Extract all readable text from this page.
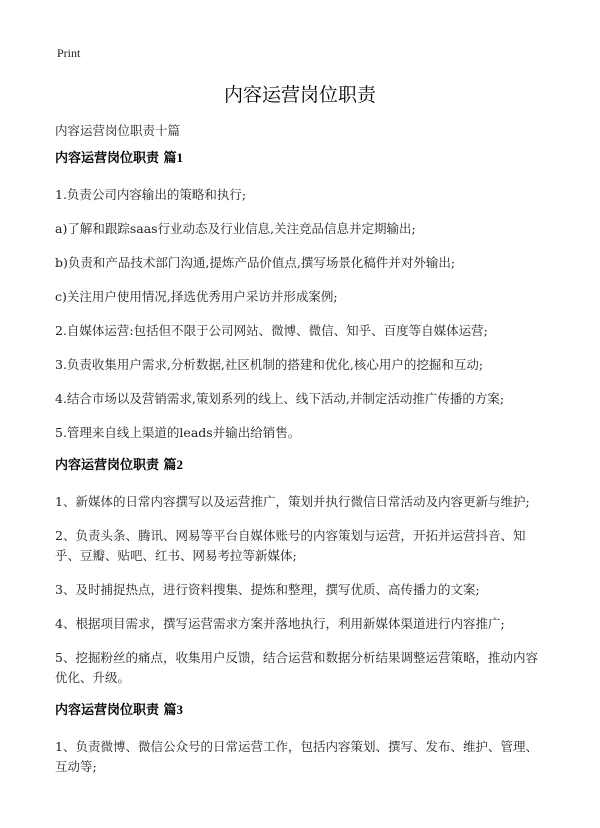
Print
内容运营岗位职责
内容运营岗位职责十篇
内容运营岗位职责 篇1
1.负责公司内容输出的策略和执行;
a)了解和跟踪saas行业动态及行业信息,关注竞品信息并定期输出;
b)负责和产品技术部门沟通,提炼产品价值点,撰写场景化稿件并对外输出;
c)关注用户使用情况,择选优秀用户采访并形成案例;
2.自媒体运营:包括但不限于公司网站、微博、微信、知乎、百度等自媒体运营;
3.负责收集用户需求,分析数据,社区机制的搭建和优化,核心用户的挖掘和互动;
4.结合市场以及营销需求,策划系列的线上、线下活动,并制定活动推广传播的方案;
5.管理来自线上渠道的leads并输出给销售。
内容运营岗位职责 篇2
1、新媒体的日常内容撰写以及运营推广，策划并执行微信日常活动及内容更新与维护;
2、负责头条、腾讯、网易等平台自媒体账号的内容策划与运营，开拓并运营抖音、知乎、豆瓣、贴吧、红书、网易考拉等新媒体;
3、及时捕捉热点，进行资料搜集、提炼和整理，撰写优质、高传播力的文案;
4、根据项目需求，撰写运营需求方案并落地执行，利用新媒体渠道进行内容推广;
5、挖掘粉丝的痛点，收集用户反馈，结合运营和数据分析结果调整运营策略，推动内容优化、升级。
内容运营岗位职责 篇3
1、负责微博、微信公众号的日常运营工作，包括内容策划、撰写、发布、维护、管理、互动等;
